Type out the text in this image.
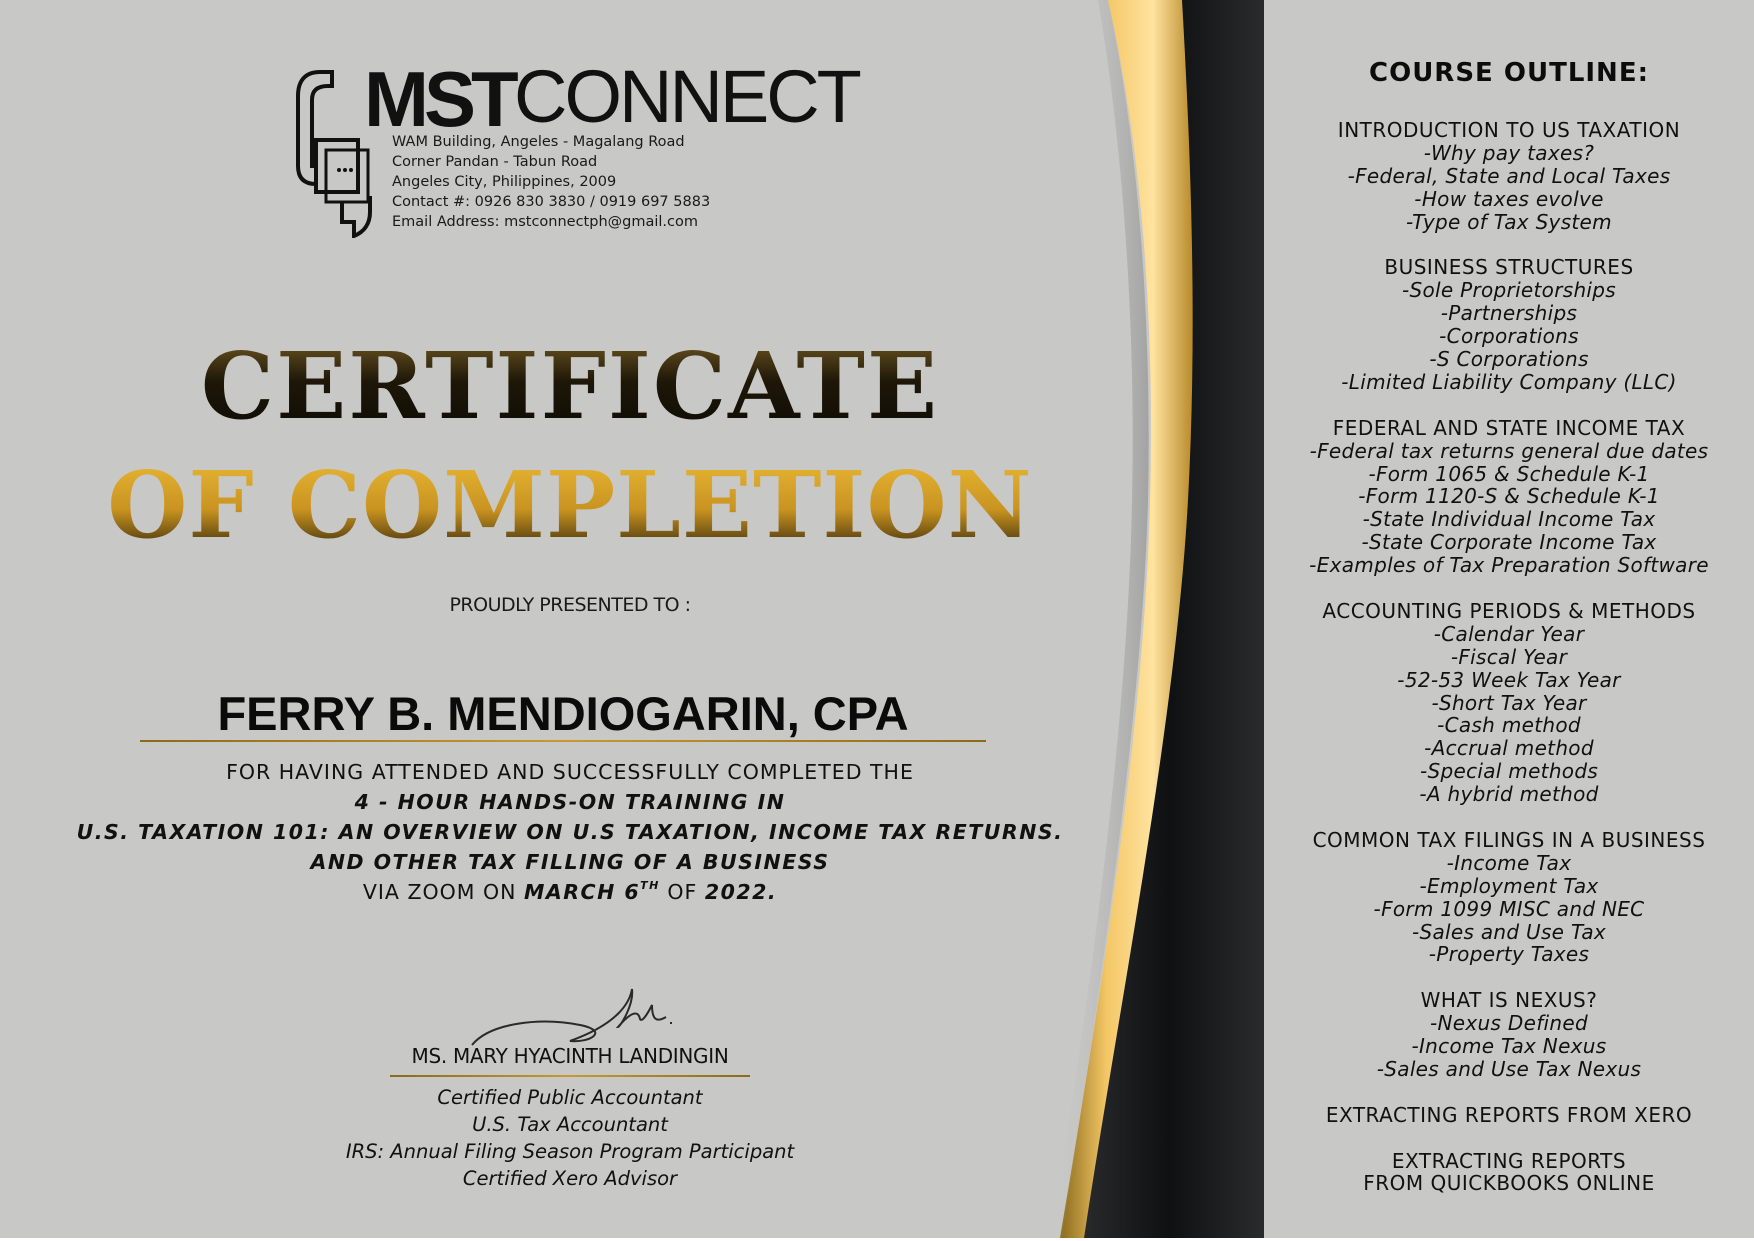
MST CONNECT
WAM Building, Angeles - Magalang Road
Corner Pandan - Tabun Road
Angeles City, Philippines, 2009
Contact #: 0926 830 3830 / 0919 697 5883
Email Address: mstconnectph@gmail.com
CERTIFICATE
OF COMPLETION
PROUDLY PRESENTED TO :
FERRY B. MENDIOGARIN, CPA
FOR HAVING ATTENDED AND SUCCESSFULLY COMPLETED THE
4 - HOUR HANDS-ON TRAINING IN
U.S. TAXATION 101: AN OVERVIEW ON U.S TAXATION, INCOME TAX RETURNS.
AND OTHER TAX FILLING OF A BUSINESS
VIA ZOOM ON MARCH 6TH OF 2022.
MS. MARY HYACINTH LANDINGIN
Certified Public Accountant
U.S. Tax Accountant
IRS: Annual Filing Season Program Participant
Certified Xero Advisor
COURSE OUTLINE:
INTRODUCTION TO US TAXATION
-Why pay taxes?
-Federal, State and Local Taxes
-How taxes evolve
-Type of Tax System
BUSINESS STRUCTURES
-Sole Proprietorships
-Partnerships
-Corporations
-S Corporations
-Limited Liability Company (LLC)
FEDERAL AND STATE INCOME TAX
-Federal tax returns general due dates
-Form 1065 & Schedule K-1
-Form 1120-S & Schedule K-1
-State Individual Income Tax
-State Corporate Income Tax
-Examples of Tax Preparation Software
ACCOUNTING PERIODS & METHODS
-Calendar Year
-Fiscal Year
-52-53 Week Tax Year
-Short Tax Year
-Cash method
-Accrual method
-Special methods
-A hybrid method
COMMON TAX FILINGS IN A BUSINESS
-Income Tax
-Employment Tax
-Form 1099 MISC and NEC
-Sales and Use Tax
-Property Taxes
WHAT IS NEXUS?
-Nexus Defined
-Income Tax Nexus
-Sales and Use Tax Nexus
EXTRACTING REPORTS FROM XERO
EXTRACTING REPORTS
FROM QUICKBOOKS ONLINE
